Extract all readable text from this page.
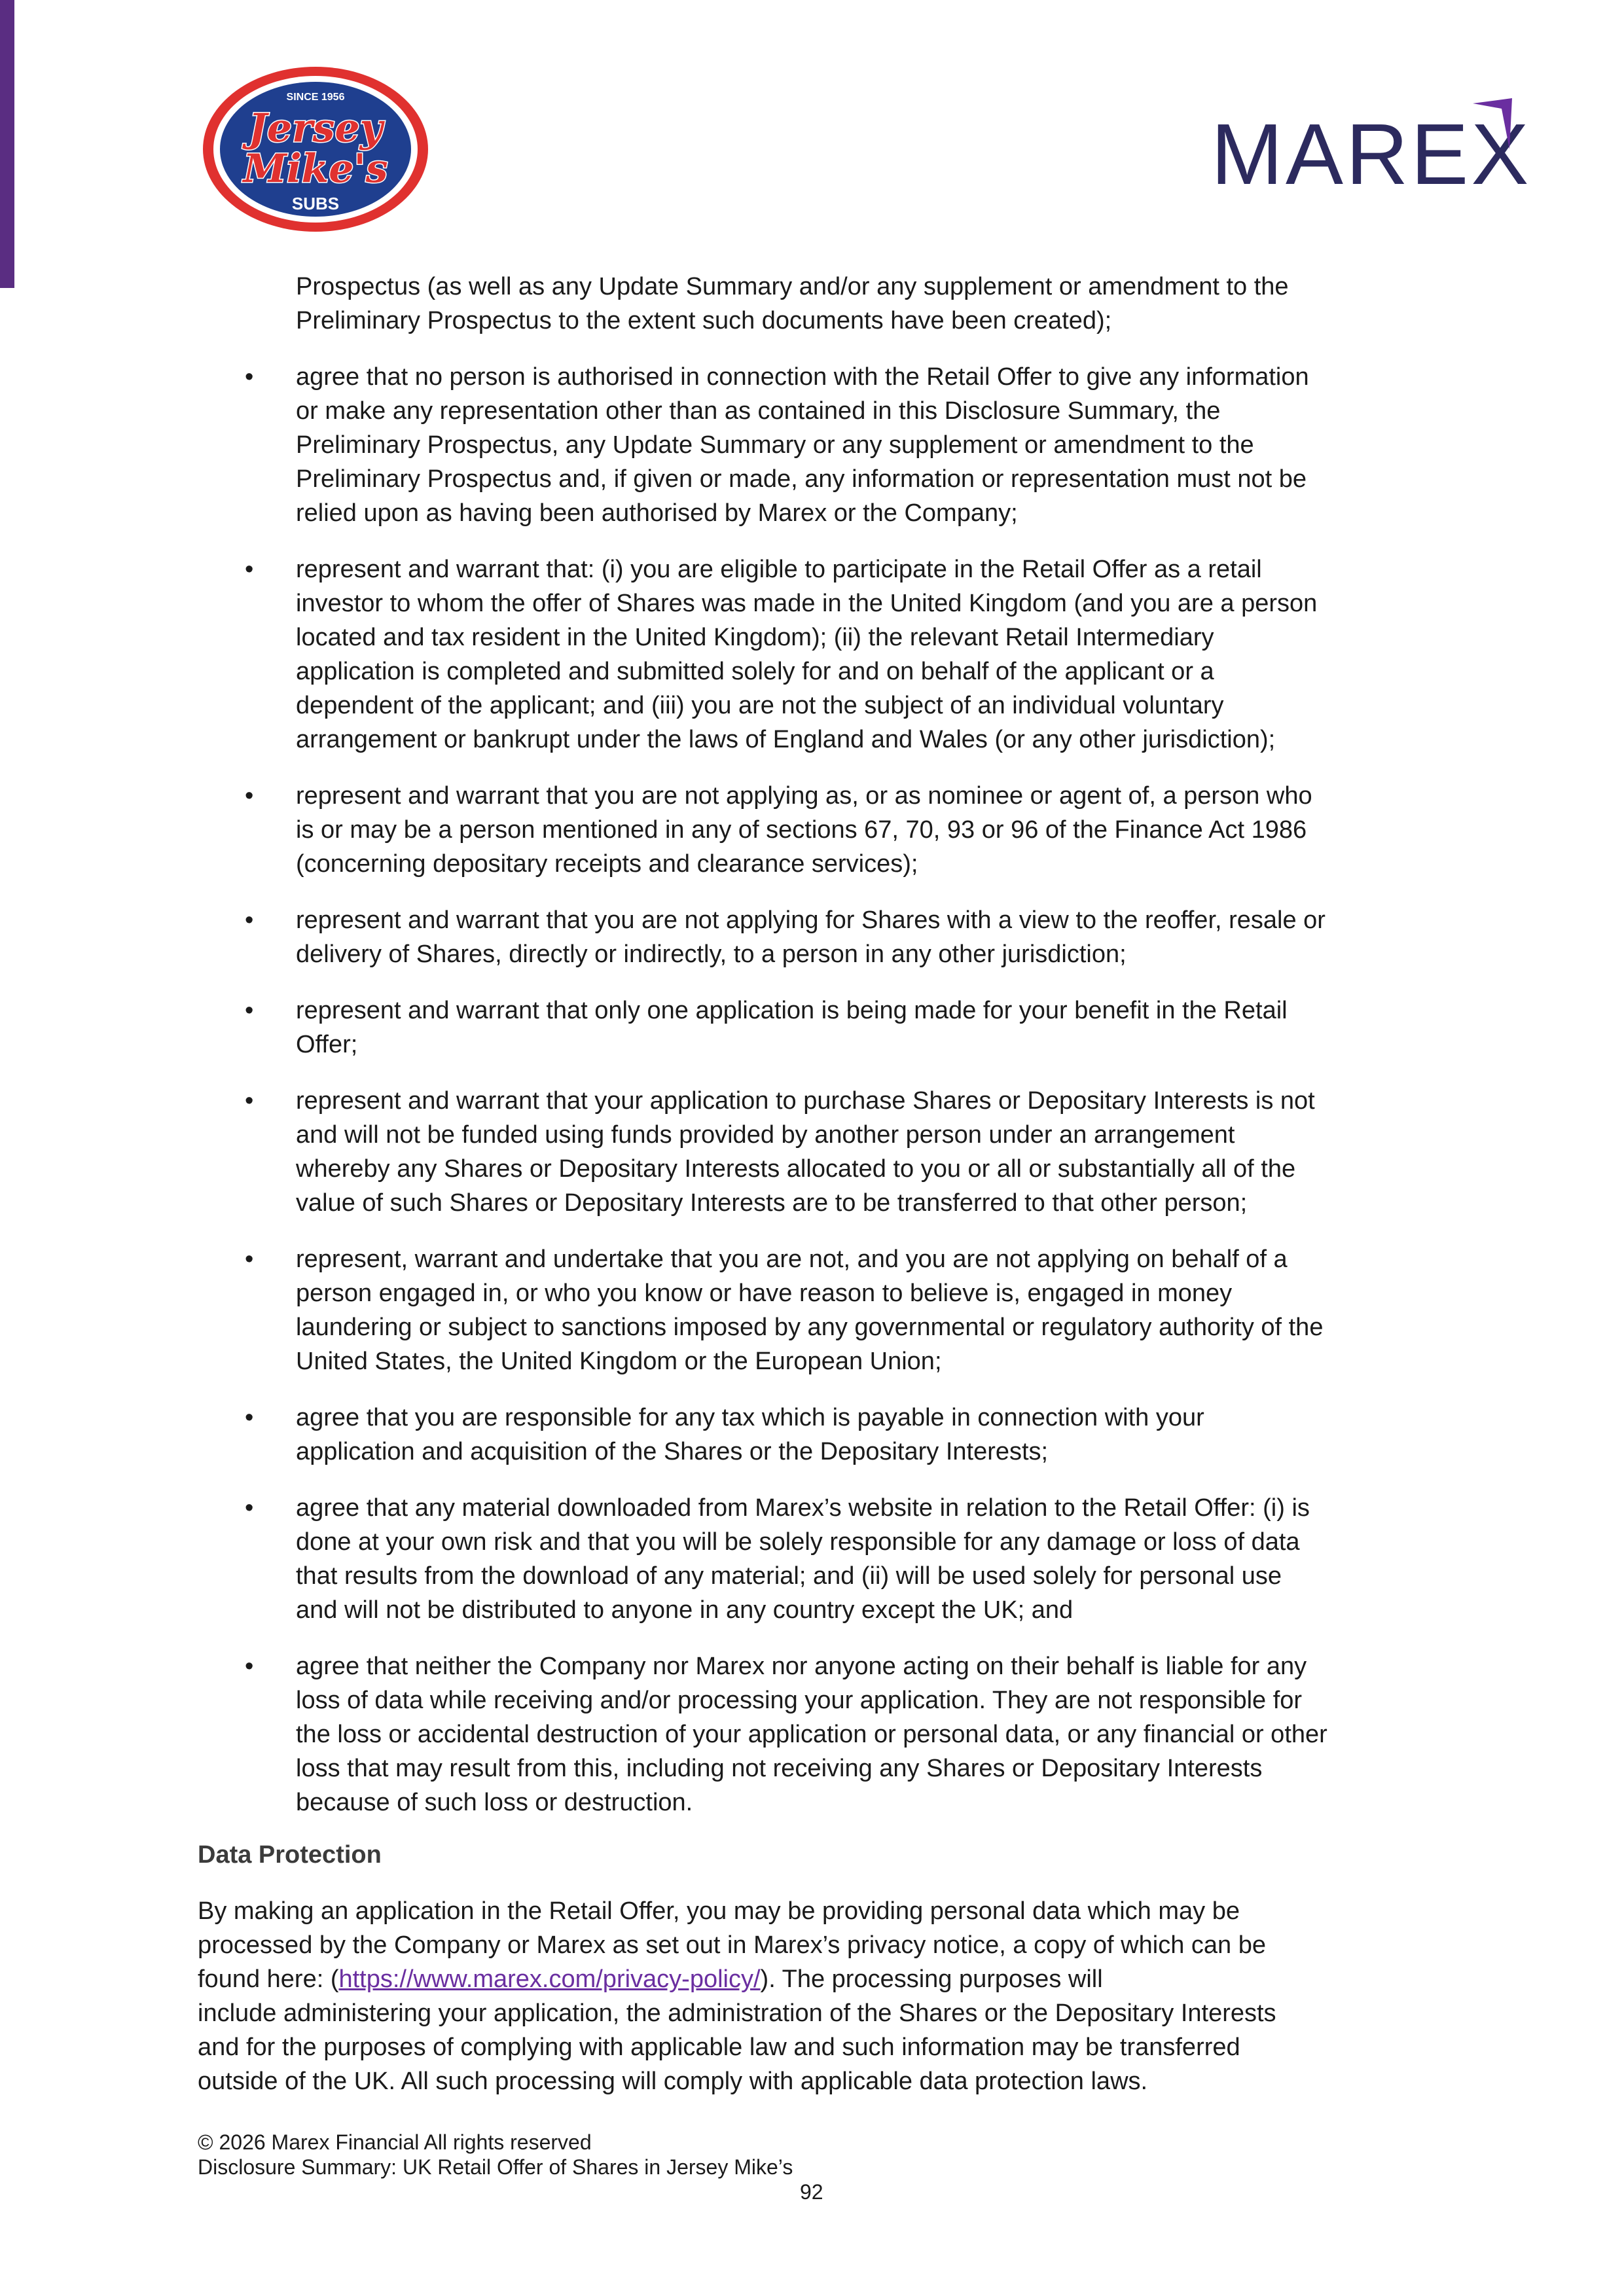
SINCE 1956
Jersey
Mike's
SUBS
MAREX
Prospectus (as well as any Update Summary and/or any supplement or amendment to the
Preliminary Prospectus to the extent such documents have been created);
•	agree that no person is authorised in connection with the Retail Offer to give any information
or make any representation other than as contained in this Disclosure Summary, the
Preliminary Prospectus, any Update Summary or any supplement or amendment to the
Preliminary Prospectus and, if given or made, any information or representation must not be
relied upon as having been authorised by Marex or the Company;
•	represent and warrant that: (i) you are eligible to participate in the Retail Offer as a retail
investor to whom the offer of Shares was made in the United Kingdom (and you are a person
located and tax resident in the United Kingdom); (ii) the relevant Retail Intermediary
application is completed and submitted solely for and on behalf of the applicant or a
dependent of the applicant; and (iii) you are not the subject of an individual voluntary
arrangement or bankrupt under the laws of England and Wales (or any other jurisdiction);
•	represent and warrant that you are not applying as, or as nominee or agent of, a person who
is or may be a person mentioned in any of sections 67, 70, 93 or 96 of the Finance Act 1986
(concerning depositary receipts and clearance services);
•	represent and warrant that you are not applying for Shares with a view to the reoffer, resale or
delivery of Shares, directly or indirectly, to a person in any other jurisdiction;
•	represent and warrant that only one application is being made for your benefit in the Retail
Offer;
•	represent and warrant that your application to purchase Shares or Depositary Interests is not
and will not be funded using funds provided by another person under an arrangement
whereby any Shares or Depositary Interests allocated to you or all or substantially all of the
value of such Shares or Depositary Interests are to be transferred to that other person;
•	represent, warrant and undertake that you are not, and you are not applying on behalf of a
person engaged in, or who you know or have reason to believe is, engaged in money
laundering or subject to sanctions imposed by any governmental or regulatory authority of the
United States, the United Kingdom or the European Union;
•	agree that you are responsible for any tax which is payable in connection with your
application and acquisition of the Shares or the Depositary Interests;
•	agree that any material downloaded from Marex’s website in relation to the Retail Offer: (i) is
done at your own risk and that you will be solely responsible for any damage or loss of data
that results from the download of any material; and (ii) will be used solely for personal use
and will not be distributed to anyone in any country except the UK; and
•	agree that neither the Company nor Marex nor anyone acting on their behalf is liable for any
loss of data while receiving and/or processing your application. They are not responsible for
the loss or accidental destruction of your application or personal data, or any financial or other
loss that may result from this, including not receiving any Shares or Depositary Interests
because of such loss or destruction.
Data Protection
By making an application in the Retail Offer, you may be providing personal data which may be
processed by the Company or Marex as set out in Marex’s privacy notice, a copy of which can be
found here: (https://www.marex.com/privacy-policy/). The processing purposes will
include administering your application, the administration of the Shares or the Depositary Interests
and for the purposes of complying with applicable law and such information may be transferred
outside of the UK. All such processing will comply with applicable data protection laws.
© 2026 Marex Financial All rights reserved
Disclosure Summary: UK Retail Offer of Shares in Jersey Mike’s
92
